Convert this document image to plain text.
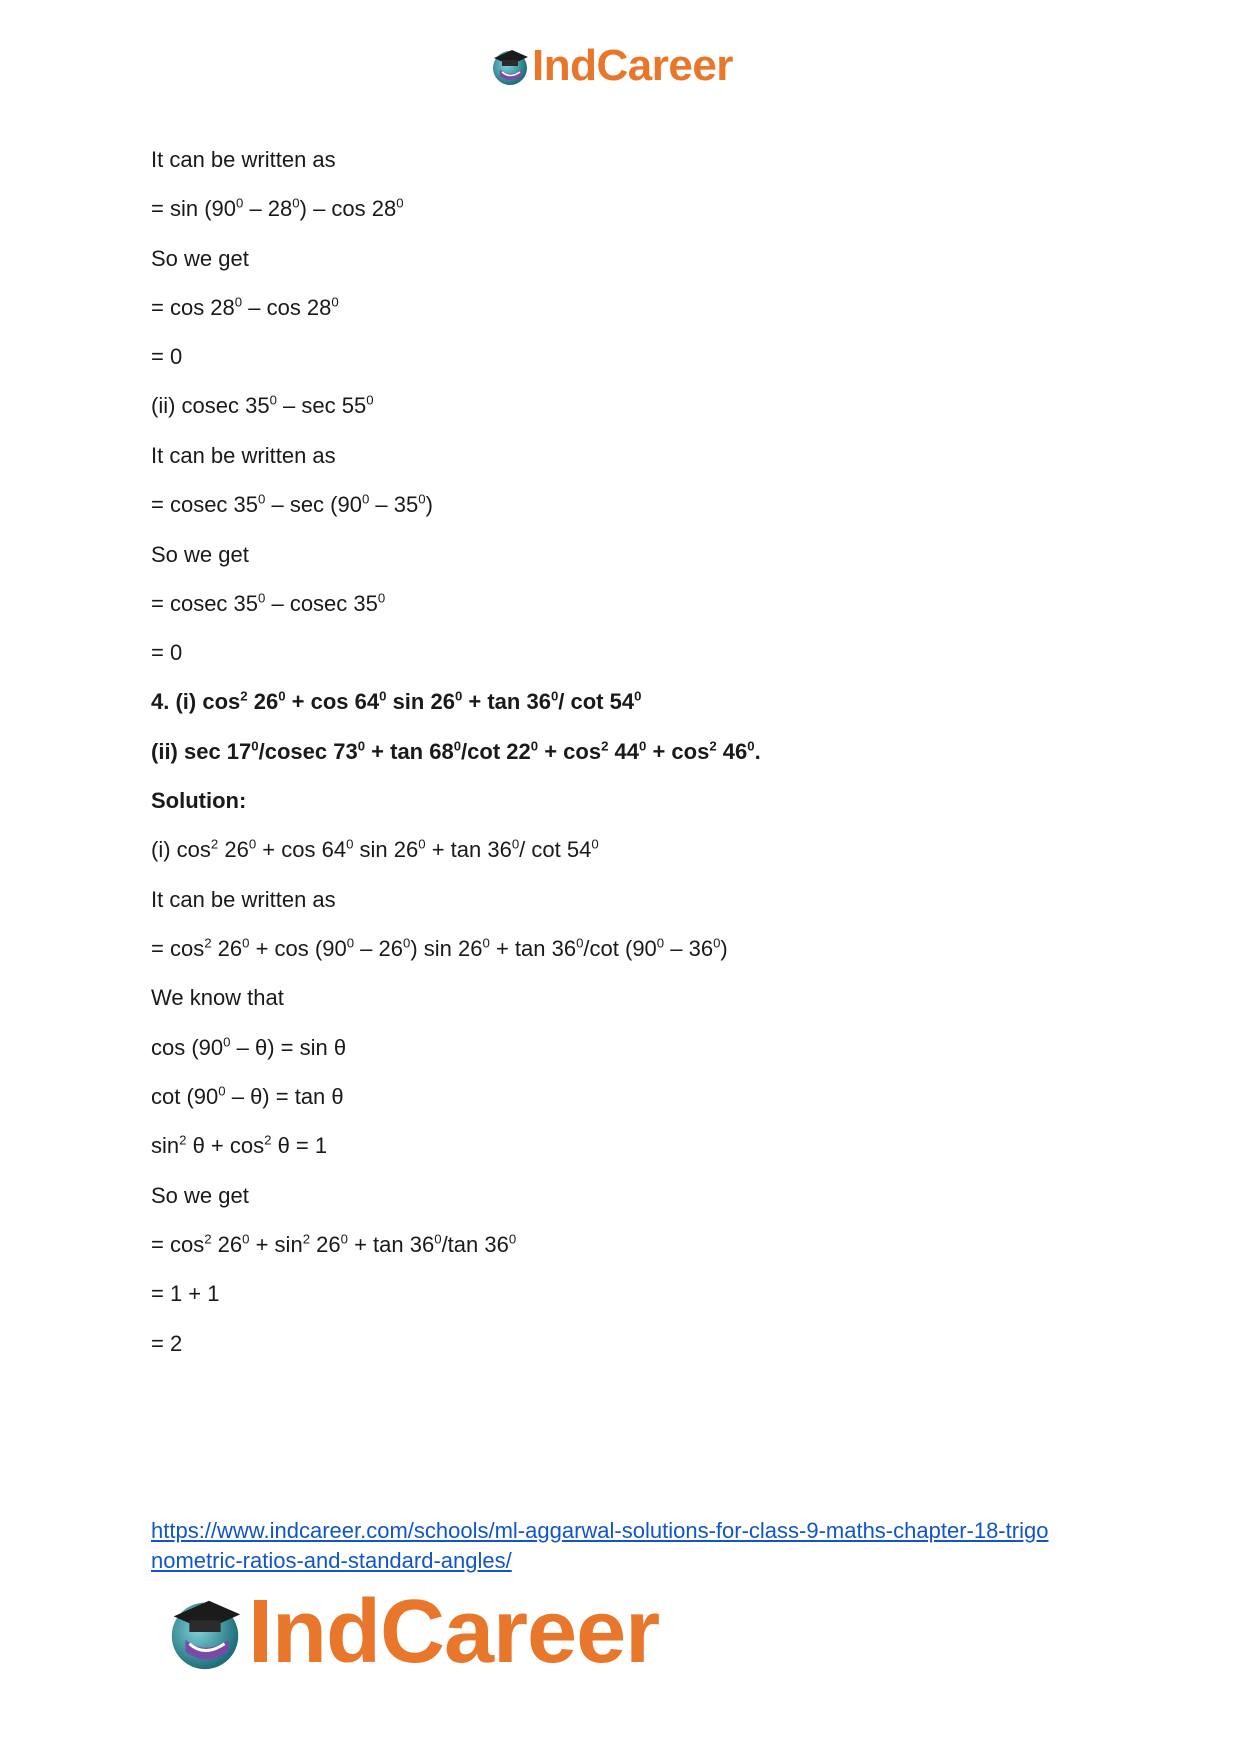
IndCareer
It can be written as
= $\sin (90^0 - 28^0)$ – $\cos 28^0$
So we get
= $\cos 28^0$ – $\cos 28^0$
= 0
(ii) cosec $35^0$ – $\sec 55^0$
It can be written as
= cosec $35^0$ – $\sec (90^0 - 35^0)$
So we get
= cosec $35^0$ – cosec $35^0$
= 0
4. (i) $\cos^2 26^0 + \cos 64^0$ $\sin 26^0 + \tan 36^0/$ $\cot 54^0$
(ii) $\sec 17^0$/cosec $73^0 + \tan 68^0/\cot$ $22^0 + \cos^2 44^0 + \cos^2 46^0$.
Solution:
(i) $\cos^2 26^0 + \cos 64^0$ $\sin 26^0 + \tan 36^0/$ $\cot 54^0$
It can be written as
= $\cos^2 26^0 + \cos (90^0 - 26^0)$ $\sin 26^0 + \tan 36^0/\cot$ $(90^0 - 36^0)$
We know that
$\cos (90^0 - \theta) = \sin \theta$
$\cot (90^0 - \theta) = \tan \theta$
$\sin^2 \theta + \cos^2 \theta = 1$
So we get
= $\cos^2 26^0 + \sin^2 26^0 + \tan 36^0/\tan$ $36^0$
= 1 + 1
= 2
https://www.indcareer.com/schools/ml-aggarwal-solutions-for-class-9-maths-chapter-18-trigo
nometric-ratios-and-standard-angles/
IndCareer
